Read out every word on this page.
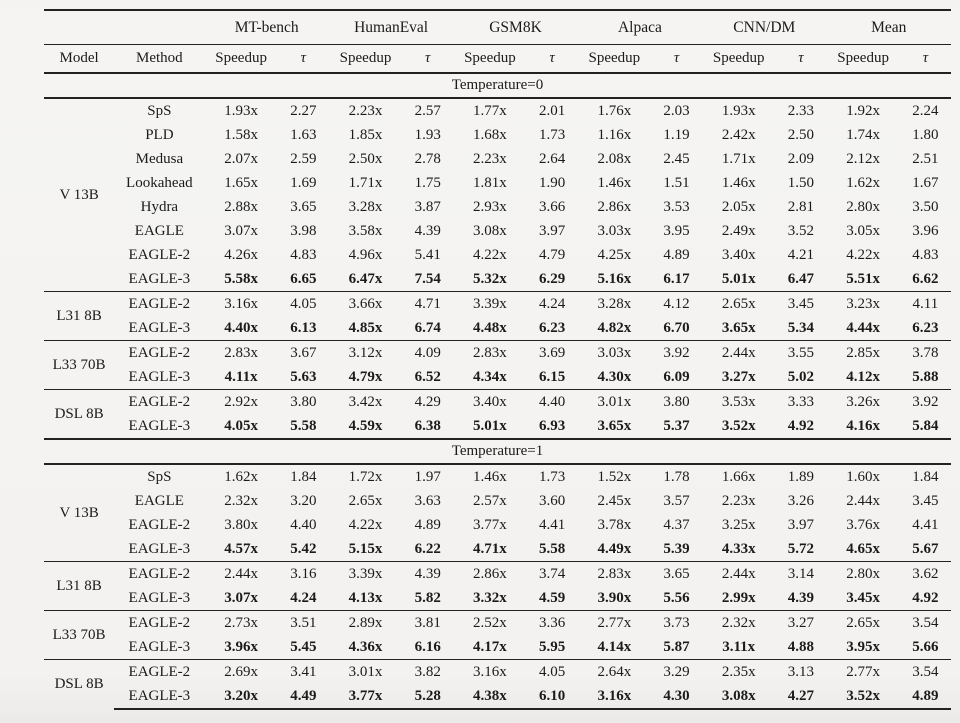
		MT-bench		HumanEval		GSM8K		Alpaca		CNN/DM		Mean	
Model	Method	Speedup	τ	Speedup	τ	Speedup	τ	Speedup	τ	Speedup	τ	Speedup	τ
Temperature=0													
V 13B	SpS	1.93x	2.27	2.23x	2.57	1.77x	2.01	1.76x	2.03	1.93x	2.33	1.92x	2.24
	PLD	1.58x	1.63	1.85x	1.93	1.68x	1.73	1.16x	1.19	2.42x	2.50	1.74x	1.80
	Medusa	2.07x	2.59	2.50x	2.78	2.23x	2.64	2.08x	2.45	1.71x	2.09	2.12x	2.51
	Lookahead	1.65x	1.69	1.71x	1.75	1.81x	1.90	1.46x	1.51	1.46x	1.50	1.62x	1.67
	Hydra	2.88x	3.65	3.28x	3.87	2.93x	3.66	2.86x	3.53	2.05x	2.81	2.80x	3.50
	EAGLE	3.07x	3.98	3.58x	4.39	3.08x	3.97	3.03x	3.95	2.49x	3.52	3.05x	3.96
	EAGLE-2	4.26x	4.83	4.96x	5.41	4.22x	4.79	4.25x	4.89	3.40x	4.21	4.22x	4.83
	EAGLE-3	5.58x	6.65	6.47x	7.54	5.32x	6.29	5.16x	6.17	5.01x	6.47	5.51x	6.62
L31 8B	EAGLE-2	3.16x	4.05	3.66x	4.71	3.39x	4.24	3.28x	4.12	2.65x	3.45	3.23x	4.11
	EAGLE-3	4.40x	6.13	4.85x	6.74	4.48x	6.23	4.82x	6.70	3.65x	5.34	4.44x	6.23
L33 70B	EAGLE-2	2.83x	3.67	3.12x	4.09	2.83x	3.69	3.03x	3.92	2.44x	3.55	2.85x	3.78
	EAGLE-3	4.11x	5.63	4.79x	6.52	4.34x	6.15	4.30x	6.09	3.27x	5.02	4.12x	5.88
DSL 8B	EAGLE-2	2.92x	3.80	3.42x	4.29	3.40x	4.40	3.01x	3.80	3.53x	3.33	3.26x	3.92
	EAGLE-3	4.05x	5.58	4.59x	6.38	5.01x	6.93	3.65x	5.37	3.52x	4.92	4.16x	5.84
Temperature=1													
V 13B	SpS	1.62x	1.84	1.72x	1.97	1.46x	1.73	1.52x	1.78	1.66x	1.89	1.60x	1.84
	EAGLE	2.32x	3.20	2.65x	3.63	2.57x	3.60	2.45x	3.57	2.23x	3.26	2.44x	3.45
	EAGLE-2	3.80x	4.40	4.22x	4.89	3.77x	4.41	3.78x	4.37	3.25x	3.97	3.76x	4.41
	EAGLE-3	4.57x	5.42	5.15x	6.22	4.71x	5.58	4.49x	5.39	4.33x	5.72	4.65x	5.67
L31 8B	EAGLE-2	2.44x	3.16	3.39x	4.39	2.86x	3.74	2.83x	3.65	2.44x	3.14	2.80x	3.62
	EAGLE-3	3.07x	4.24	4.13x	5.82	3.32x	4.59	3.90x	5.56	2.99x	4.39	3.45x	4.92
L33 70B	EAGLE-2	2.73x	3.51	2.89x	3.81	2.52x	3.36	2.77x	3.73	2.32x	3.27	2.65x	3.54
	EAGLE-3	3.96x	5.45	4.36x	6.16	4.17x	5.95	4.14x	5.87	3.11x	4.88	3.95x	5.66
DSL 8B	EAGLE-2	2.69x	3.41	3.01x	3.82	3.16x	4.05	2.64x	3.29	2.35x	3.13	2.77x	3.54
	EAGLE-3	3.20x	4.49	3.77x	5.28	4.38x	6.10	3.16x	4.30	3.08x	4.27	3.52x	4.89
